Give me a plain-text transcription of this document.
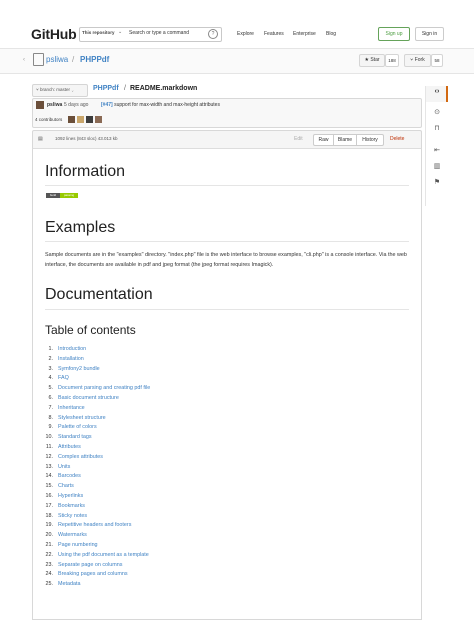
GitHub This repository ⌄ Search or type a command	?	Explore Features Enterprise Blog	Sign up	Sign in
‹	psliwa / PHPPdf	★ Star	188	⑂ Fork	58
‹›
⊙
⊓
⇤
▥
⚑
⑂ branch: master ⌄	PHPPdf / README.markdown
psliwa 5 days ago	[#47] support for max-width and max-height attributes
4 contributors
▤	1092 lines (843 sloc) 43.013 kb	Edit	Raw	Blame	History	Delete
Information
build	passing
Examples
Sample documents are in the "examples" directory. "index.php" file is the web interface to browse examples, "cli.php" is a console interface. Via the web interface, the documents are available in pdf and jpeg format (the jpeg format requires Imagick).
Documentation
Table of contents
1. Introduction
2. Installation
3. Symfony2 bundle
4. FAQ
5. Document parsing and creating pdf file
6. Basic document structure
7. Inheritance
8. Stylesheet structure
9. Palette of colors
10. Standard tags
11. Attributes
12. Complex attributes
13. Units
14. Barcodes
15. Charts
16. Hyperlinks
17. Bookmarks
18. Sticky notes
19. Repetitive headers and footers
20. Watermarks
21. Page numbering
22. Using the pdf document as a template
23. Separate page on columns
24. Breaking pages and columns
25. Metadata
